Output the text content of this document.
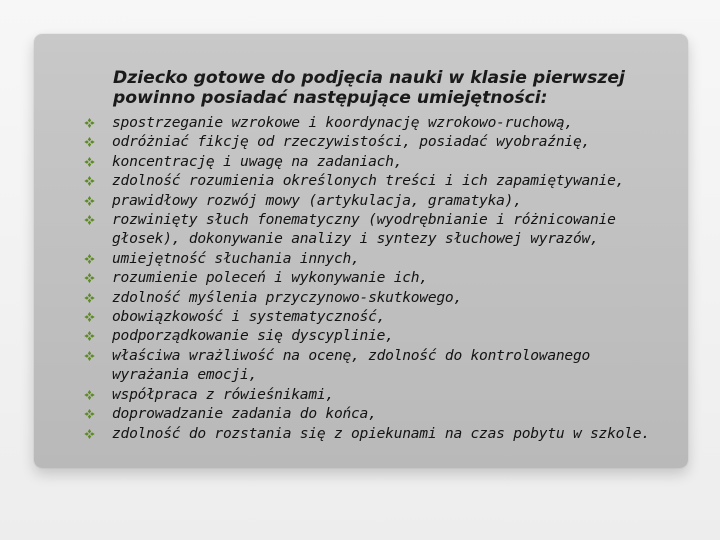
Dziecko gotowe do podjęcia nauki w klasie pierwszej
powinno posiadać następujące umiejętności:
spostrzeganie wzrokowe i koordynację wzrokowo-ruchową,
odróżniać fikcję od rzeczywistości, posiadać wyobraźnię,
koncentrację i uwagę na zadaniach,
zdolność rozumienia określonych treści i ich zapamiętywanie,
prawidłowy rozwój mowy (artykulacja, gramatyka),
rozwinięty słuch fonematyczny (wyodrębnianie i różnicowanie
głosek), dokonywanie analizy i syntezy słuchowej wyrazów,
umiejętność słuchania innych,
rozumienie poleceń i wykonywanie ich,
zdolność myślenia przyczynowo-skutkowego,
obowiązkowość i systematyczność,
podporządkowanie się dyscyplinie,
właściwa wrażliwość na ocenę, zdolność do kontrolowanego
wyrażania emocji,
współpraca z rówieśnikami,
doprowadzanie zadania do końca,
zdolność do rozstania się z opiekunami na czas pobytu w szkole.
